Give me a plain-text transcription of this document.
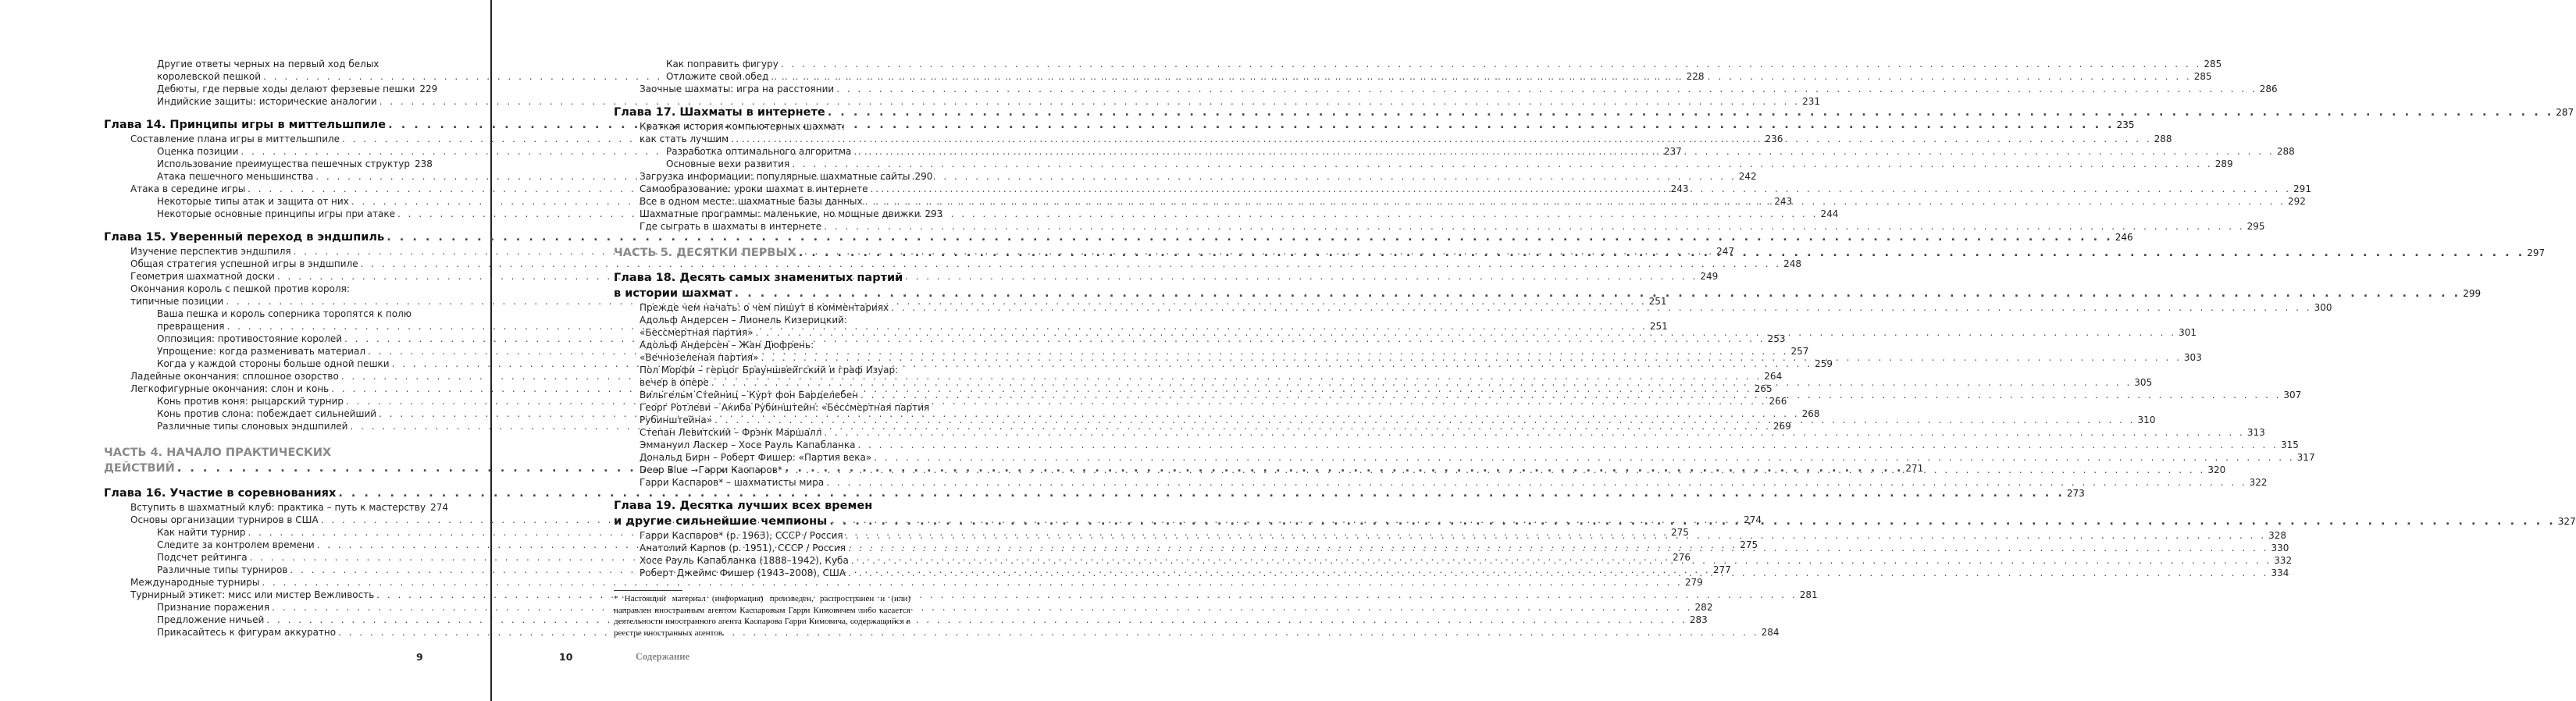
Другие ответы черных на первый ход белых
королевской пешкой . . .	228
Дебюты, где первые ходы делают ферзевые пешки 229
Индийские защиты: исторические аналогии . . .	231
Глава 14. Принципы игры в миттельшпиле . . .	235
Составление плана игры в миттельшпиле . . .	236
Оценка позиции . . .	237
Использование преимущества пешечных структур 238
Атака пешечного меньшинства . . .	242
Атака в середине игры . . .	243
Некоторые типы атак и защита от них . . .	243
Некоторые основные принципы игры при атаке . . .	244
Глава 15. Уверенный переход в эндшпиль . . .	246
Изучение перспектив эндшпиля . . .	247
Общая стратегия успешной игры в эндшпиле . . .	248
Геометрия шахматной доски . . .	249
Окончания король с пешкой против короля:
типичные позиции . . .	251
Ваша пешка и король соперника торопятся к полю
превращения . . .	251
Оппозиция: противостояние королей . . .	253
Упрощение: когда разменивать материал . . .	257
Когда у каждой стороны больше одной пешки . . .	259
Ладейные окончания: сплошное озорство . . .	264
Легкофигурные окончания: слон и конь . . .	265
Конь против коня: рыцарский турнир . . .	266
Конь против слона: побеждает сильнейший . . .	268
Различные типы слоновых эндшпилей . . .	269
ЧАСТЬ 4. НАЧАЛО ПРАКТИЧЕСКИХ
ДЕЙСТВИЙ . . .	271
Глава 16. Участие в соревнованиях . . .	273
Вступить в шахматный клуб: практика – путь к мастерству 274
Основы организации турниров в США . . .	274
Как найти турнир . . .	275
Следите за контролем времени . . .	275
Подсчет рейтинга . . .	276
Различные типы турниров . . .	277
Международные турниры . . .	279
Турнирный этикет: мисс или мистер Вежливость . . .	281
Признание поражения . . .	282
Предложение ничьей . . .	283
Прикасайтесь к фигурам аккуратно . . .	284
Как поправить фигуру . . .	285
Отложите свой обед . . .	285
Заочные шахматы: игра на расстоянии . . .	286
Глава 17. Шахматы в интернете . . .	287
Краткая история компьютерных шахмат:
как стать лучшим . . .	288
Разработка оптимального алгоритма . . .	288
Основные вехи развития . . .	289
Загрузка информации: популярные шахматные сайты 290
Самообразование: уроки шахмат в интернете . . .	291
Все в одном месте: шахматные базы данных . . .	292
Шахматные программы: маленькие, но мощные движки 293
Где сыграть в шахматы в интернете . . .	295
ЧАСТЬ 5. ДЕСЯТКИ ПЕРВЫХ . . .	297
Глава 18. Десять самых знаменитых партий
в истории шахмат . . .	299
Прежде чем начать: о чем пишут в комментариях . . .	300
Адольф Андерсен – Лионель Кизерицкий:
«Бессмертная партия» . . .	301
Адольф Андерсен – Жан Дюфрень:
«Вечнозеленая партия» . . .	303
Пол Морфи – герцог Брауншвейгский и граф Изуар:
вечер в опере . . .	305
Вильгельм Стейниц – Курт фон Барделебен . . .	307
Георг Ротлеви – Акиба Рубинштейн: «Бессмертная партия
Рубинштейна» . . .	310
Степан Левитский – Фрэнк Маршалл . . .	313
Эммануил Ласкер – Хосе Рауль Капабланка . . .	315
Дональд Бирн – Роберт Фишер: «Партия века» . . .	317
Deep Blue – Гарри Каспаров* . . .	320
Гарри Каспаров* – шахматисты мира . . .	322
Глава 19. Десятка лучших всех времен
и другие сильнейшие чемпионы . . .	327
Гарри Каспаров* (р. 1963), СССР / Россия . . .	328
Анатолий Карпов (р. 1951), СССР / Россия . . .	330
Хосе Рауль Капабланка (1888–1942), Куба . . .	332
Роберт Джеймс Фишер (1943–2008), США . . .	334
* Настоящий материал (информация) произведен, распространен и (или) направлен иностранным агентом Каспаровым Гарри Кимовичем либо касается деятельности иностранного агента Каспарова Гарри Кимовича, содержащийся в реестре иностранных агентов.
9	10	Содержание
